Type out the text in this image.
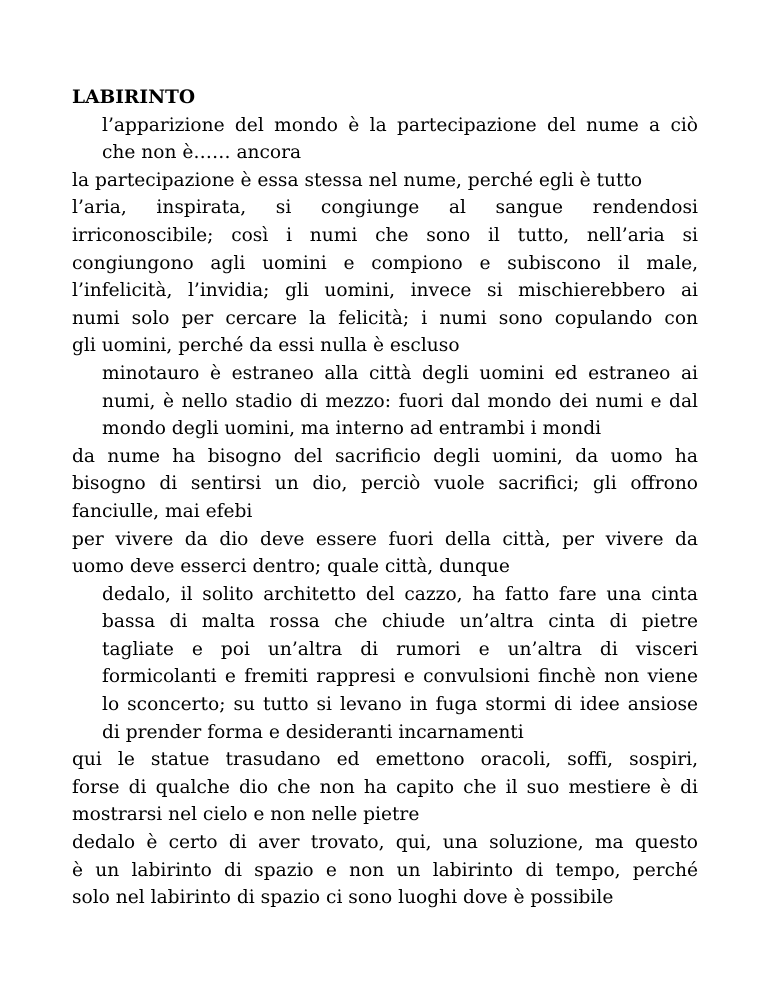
LABIRINTO

l’apparizione del mondo è la partecipazione del nume a ciò
che non è…… ancora
la partecipazione è essa stessa nel nume, perché egli è tutto
l’aria, inspirata, si congiunge al sangue rendendosi
irriconoscibile; così i numi che sono il tutto, nell’aria si
congiungono agli uomini e compiono e subiscono il male,
l’infelicità, l’invidia; gli uomini, invece si mischierebbero ai
numi solo per cercare la felicità; i numi sono copulando con
gli uomini, perché da essi nulla è escluso
minotauro è estraneo alla città degli uomini ed estraneo ai
numi, è nello stadio di mezzo: fuori dal mondo dei numi e dal
mondo degli uomini, ma interno ad entrambi i mondi
da nume ha bisogno del sacrificio degli uomini, da uomo ha
bisogno di sentirsi un dio, perciò vuole sacrifici; gli offrono
fanciulle, mai efebi
per vivere da dio deve essere fuori della città, per vivere da
uomo deve esserci dentro; quale città, dunque
dedalo, il solito architetto del cazzo, ha fatto fare una cinta
bassa di malta rossa che chiude un’altra cinta di pietre
tagliate e poi un’altra di rumori e un’altra di visceri
formicolanti e fremiti rappresi e convulsioni finchè non viene
lo sconcerto; su tutto si levano in fuga stormi di idee ansiose
di prender forma e desideranti incarnamenti
qui le statue trasudano ed emettono oracoli, soffi, sospiri,
forse di qualche dio che non ha capito che il suo mestiere è di
mostrarsi nel cielo e non nelle pietre
dedalo è certo di aver trovato, qui, una soluzione, ma questo
è un labirinto di spazio e non un labirinto di tempo, perché
solo nel labirinto di spazio ci sono luoghi dove è possibile
